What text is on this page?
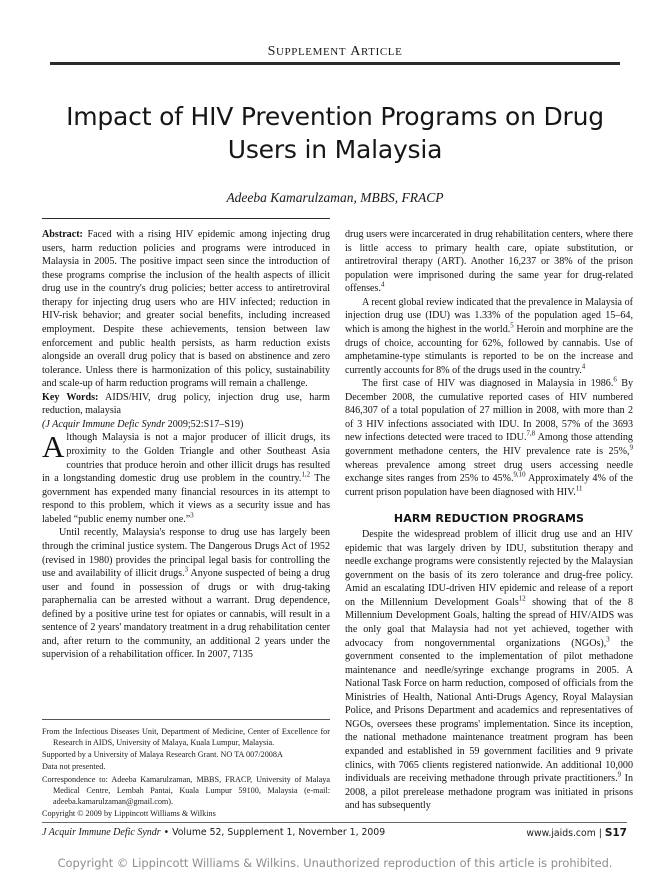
SUPPLEMENT ARTICLE
Impact of HIV Prevention Programs on Drug Users in Malaysia
Adeeba Kamarulzaman, MBBS, FRACP

Abstract: Faced with a rising HIV epidemic among injecting drug users, harm reduction policies and programs were introduced in Malaysia in 2005. The positive impact seen since the introduction of these programs comprise the inclusion of the health aspects of illicit drug use in the country's drug policies; better access to antiretroviral therapy for injecting drug users who are HIV infected; reduction in HIV-risk behavior; and greater social benefits, including increased employment. Despite these achievements, tension between law enforcement and public health persists, as harm reduction exists alongside an overall drug policy that is based on abstinence and zero tolerance. Unless there is harmonization of this policy, sustainability and scale-up of harm reduction programs will remain a challenge.

Key Words: AIDS/HIV, drug policy, injection drug use, harm reduction, malaysia

(J Acquir Immune Defic Syndr 2009;52:S17–S19)

Although Malaysia is not a major producer of illicit drugs, its proximity to the Golden Triangle and other Southeast Asia countries that produce heroin and other illicit drugs has resulted in a longstanding domestic drug use problem in the country.$^{1,2}$ The government has expended many financial resources in its attempt to respond to this problem, which it views as a security issue and has labeled “public enemy number one.”$^3$

Until recently, Malaysia's response to drug use has largely been through the criminal justice system. The Dangerous Drugs Act of 1952 (revised in 1980) provides the principal legal basis for controlling the use and availability of illicit drugs.$^3$ Anyone suspected of being a drug user and found in possession of drugs or with drug-taking paraphernalia can be arrested without a warrant. Drug dependence, defined by a positive urine test for opiates or cannabis, will result in a sentence of 2 years' mandatory treatment in a drug rehabilitation center and, after return to the community, an additional 2 years under the supervision of a rehabilitation officer. In 2007, 7135

drug users were incarcerated in drug rehabilitation centers, where there is little access to primary health care, opiate substitution, or antiretroviral therapy (ART). Another 16,237 or 38% of the prison population were imprisoned during the same year for drug-related offenses.$^4$

A recent global review indicated that the prevalence in Malaysia of injection drug use (IDU) was 1.33% of the population aged 15–64, which is among the highest in the world.$^5$ Heroin and morphine are the drugs of choice, accounting for 62%, followed by cannabis. Use of amphetamine-type stimulants is reported to be on the increase and currently accounts for 8% of the drugs used in the country.$^4$

The first case of HIV was diagnosed in Malaysia in 1986.$^6$ By December 2008, the cumulative reported cases of HIV numbered 846,307 of a total population of 27 million in 2008, with more than 2 of 3 HIV infections associated with IDU. In 2008, 57% of the 3693 new infections detected were traced to IDU.$^{7,8}$ Among those attending government methadone centers, the HIV prevalence rate is 25%,$^9$ whereas prevalence among street drug users accessing needle exchange sites ranges from 25% to 45%.$^{9,10}$ Approximately 4% of the current prison population have been diagnosed with HIV.$^{11}$

HARM REDUCTION PROGRAMS

Despite the widespread problem of illicit drug use and an HIV epidemic that was largely driven by IDU, substitution therapy and needle exchange programs were consistently rejected by the Malaysian government on the basis of its zero tolerance and drug-free policy. Amid an escalating IDU-driven HIV epidemic and release of a report on the Millennium Development Goals$^{12}$ showing that of the 8 Millennium Development Goals, halting the spread of HIV/AIDS was the only goal that Malaysia had not yet achieved, together with advocacy from nongovernmental organizations (NGOs),$^3$ the government consented to the implementation of pilot methadone maintenance and needle/syringe exchange programs in 2005. A National Task Force on harm reduction, composed of officials from the Ministries of Health, National Anti-Drugs Agency, Royal Malaysian Police, and Prisons Department and academics and representatives of NGOs, oversees these programs' implementation. Since its inception, the national methadone maintenance treatment program has been expanded and established in 59 government facilities and 9 private clinics, with 7065 clients registered nationwide. An additional 10,000 individuals are receiving methadone through private practitioners.$^9$ In 2008, a pilot prerelease methadone program was initiated in prisons and has subsequently

From the Infectious Diseases Unit, Department of Medicine, Center of Excellence for Research in AIDS, University of Malaya, Kuala Lumpur, Malaysia.

Supported by a University of Malaya Research Grant. NO TA 007/2008A

Data not presented.

Correspondence to: Adeeba Kamarulzaman, MBBS, FRACP, University of Malaya Medical Centre, Lembah Pantai, Kuala Lumpur 59100, Malaysia (e-mail: adeeba.kamarulzaman@gmail.com).

Copyright © 2009 by Lippincott Williams & Wilkins

J Acquir Immune Defic Syndr • Volume 52, Supplement 1, November 1, 2009	www.jaids.com | S17
Copyright © Lippincott Williams & Wilkins. Unauthorized reproduction of this article is prohibited.
